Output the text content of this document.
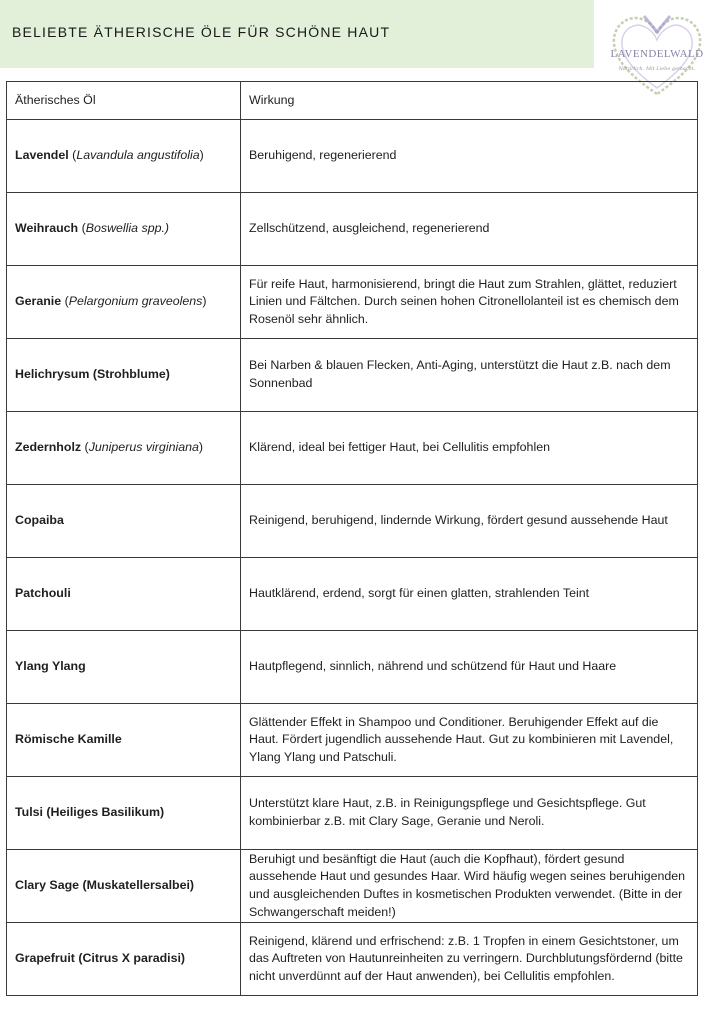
BELIEBTE ÄTHERISCHE ÖLE FÜR SCHÖNE HAUT
LAVENDELWALD
Natürlich. Mit Liebe gemacht.
Ätherisches Öl	Wirkung
Lavendel (Lavandula angustifolia)	Beruhigend, regenerierend
Weihrauch (Boswellia spp.)	Zellschützend, ausgleichend, regenerierend
Geranie (Pelargonium graveolens)	Für reife Haut, harmonisierend, bringt die Haut zum Strahlen, glättet, reduziert Linien und Fältchen. Durch seinen hohen Citronellolanteil ist es chemisch dem Rosenöl sehr ähnlich.
Helichrysum (Strohblume)	Bei Narben & blauen Flecken, Anti-Aging, unterstützt die Haut z.B. nach dem Sonnenbad
Zedernholz (Juniperus virginiana)	Klärend, ideal bei fettiger Haut, bei Cellulitis empfohlen
Copaiba	Reinigend, beruhigend, lindernde Wirkung, fördert gesund aussehende Haut
Patchouli	Hautklärend, erdend, sorgt für einen glatten, strahlenden Teint
Ylang Ylang	Hautpflegend, sinnlich, nährend und schützend für Haut und Haare
Römische Kamille	Glättender Effekt in Shampoo und Conditioner. Beruhigender Effekt auf die Haut. Fördert jugendlich aussehende Haut. Gut zu kombinieren mit Lavendel, Ylang Ylang und Patschuli.
Tulsi (Heiliges Basilikum)	Unterstützt klare Haut, z.B. in Reinigungspflege und Gesichtspflege. Gut kombinierbar z.B. mit Clary Sage, Geranie und Neroli.
Clary Sage (Muskatellersalbei)	Beruhigt und besänftigt die Haut (auch die Kopfhaut), fördert gesund aussehende Haut und gesundes Haar. Wird häufig wegen seines beruhigenden und ausgleichenden Duftes in kosmetischen Produkten verwendet. (Bitte in der Schwangerschaft meiden!)
Grapefruit (Citrus X paradisi)	Reinigend, klärend und erfrischend: z.B. 1 Tropfen in einem Gesichtstoner, um das Auftreten von Hautunreinheiten zu verringern. Durchblutungsfördernd (bitte nicht unverdünnt auf der Haut anwenden), bei Cellulitis empfohlen.
